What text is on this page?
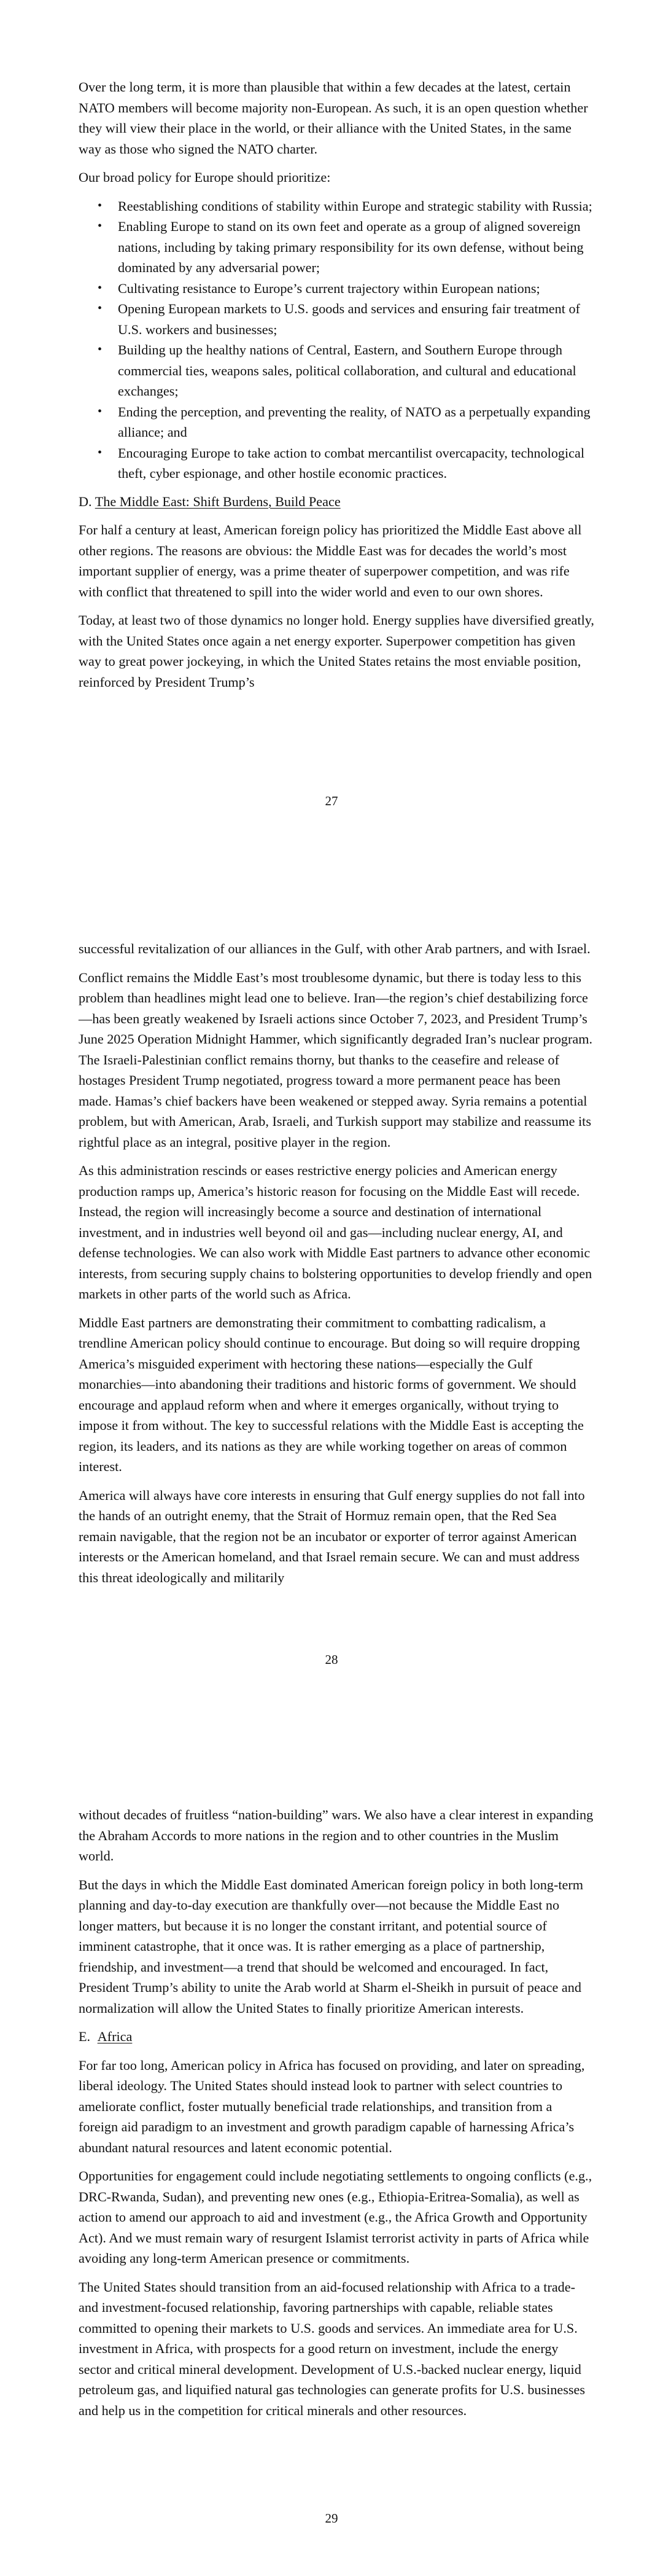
Over the long term, it is more than plausible that within a few decades at the latest, certain NATO members will become majority non-European. As such, it is an open question whether they will view their place in the world, or their alliance with the United States, in the same way as those who signed the NATO charter.

Our broad policy for Europe should prioritize:

• Reestablishing conditions of stability within Europe and strategic stability with Russia;
• Enabling Europe to stand on its own feet and operate as a group of aligned sovereign nations, including by taking primary responsibility for its own defense, without being dominated by any adversarial power;
• Cultivating resistance to Europe’s current trajectory within European nations;
• Opening European markets to U.S. goods and services and ensuring fair treatment of U.S. workers and businesses;
• Building up the healthy nations of Central, Eastern, and Southern Europe through commercial ties, weapons sales, political collaboration, and cultural and educational exchanges;
• Ending the perception, and preventing the reality, of NATO as a perpetually expanding alliance; and
• Encouraging Europe to take action to combat mercantilist overcapacity, technological theft, cyber espionage, and other hostile economic practices.
D. The Middle East: Shift Burdens, Build Peace

For half a century at least, American foreign policy has prioritized the Middle East above all other regions. The reasons are obvious: the Middle East was for decades the world’s most important supplier of energy, was a prime theater of superpower competition, and was rife with conflict that threatened to spill into the wider world and even to our own shores.

Today, at least two of those dynamics no longer hold. Energy supplies have diversified greatly, with the United States once again a net energy exporter. Superpower competition has given way to great power jockeying, in which the United States retains the most enviable position, reinforced by President Trump’s

27

successful revitalization of our alliances in the Gulf, with other Arab partners, and with Israel.

Conflict remains the Middle East’s most troublesome dynamic, but there is today less to this problem than headlines might lead one to believe. Iran—the region’s chief destabilizing force—has been greatly weakened by Israeli actions since October 7, 2023, and President Trump’s June 2025 Operation Midnight Hammer, which significantly degraded Iran’s nuclear program. The Israeli-Palestinian conflict remains thorny, but thanks to the ceasefire and release of hostages President Trump negotiated, progress toward a more permanent peace has been made. Hamas’s chief backers have been weakened or stepped away. Syria remains a potential problem, but with American, Arab, Israeli, and Turkish support may stabilize and reassume its rightful place as an integral, positive player in the region.

As this administration rescinds or eases restrictive energy policies and American energy production ramps up, America’s historic reason for focusing on the Middle East will recede. Instead, the region will increasingly become a source and destination of international investment, and in industries well beyond oil and gas—including nuclear energy, AI, and defense technologies. We can also work with Middle East partners to advance other economic interests, from securing supply chains to bolstering opportunities to develop friendly and open markets in other parts of the world such as Africa.

Middle East partners are demonstrating their commitment to combatting radicalism, a trendline American policy should continue to encourage. But doing so will require dropping America’s misguided experiment with hectoring these nations—especially the Gulf monarchies—into abandoning their traditions and historic forms of government. We should encourage and applaud reform when and where it emerges organically, without trying to impose it from without. The key to successful relations with the Middle East is accepting the region, its leaders, and its nations as they are while working together on areas of common interest.

America will always have core interests in ensuring that Gulf energy supplies do not fall into the hands of an outright enemy, that the Strait of Hormuz remain open, that the Red Sea remain navigable, that the region not be an incubator or exporter of terror against American interests or the American homeland, and that Israel remain secure. We can and must address this threat ideologically and militarily

28

without decades of fruitless “nation-building” wars. We also have a clear interest in expanding the Abraham Accords to more nations in the region and to other countries in the Muslim world.

But the days in which the Middle East dominated American foreign policy in both long-term planning and day-to-day execution are thankfully over—not because the Middle East no longer matters, but because it is no longer the constant irritant, and potential source of imminent catastrophe, that it once was. It is rather emerging as a place of partnership, friendship, and investment—a trend that should be welcomed and encouraged. In fact, President Trump’s ability to unite the Arab world at Sharm el-Sheikh in pursuit of peace and normalization will allow the United States to finally prioritize American interests.

E. Africa

For far too long, American policy in Africa has focused on providing, and later on spreading, liberal ideology. The United States should instead look to partner with select countries to ameliorate conflict, foster mutually beneficial trade relationships, and transition from a foreign aid paradigm to an investment and growth paradigm capable of harnessing Africa’s abundant natural resources and latent economic potential.

Opportunities for engagement could include negotiating settlements to ongoing conflicts (e.g., DRC-Rwanda, Sudan), and preventing new ones (e.g., Ethiopia-Eritrea-Somalia), as well as action to amend our approach to aid and investment (e.g., the Africa Growth and Opportunity Act). And we must remain wary of resurgent Islamist terrorist activity in parts of Africa while avoiding any long-term American presence or commitments.

The United States should transition from an aid-focused relationship with Africa to a trade- and investment-focused relationship, favoring partnerships with capable, reliable states committed to opening their markets to U.S. goods and services. An immediate area for U.S. investment in Africa, with prospects for a good return on investment, include the energy sector and critical mineral development. Development of U.S.-backed nuclear energy, liquid petroleum gas, and liquified natural gas technologies can generate profits for U.S. businesses and help us in the competition for critical minerals and other resources.

29
